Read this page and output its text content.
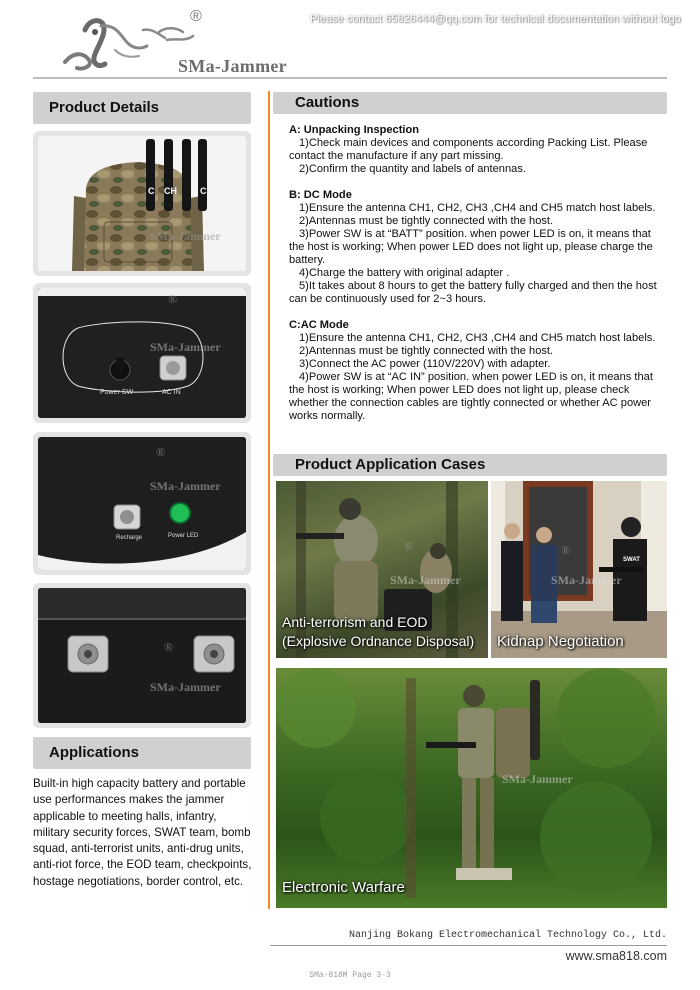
®
SMa-Jammer
Please contact 65826444@qq.com for technical documentation without logo
Product Details
C CH	C
SMa-Jammer
®
SMa-Jammer
Power SW	AC IN
®
SMa-Jammer
Recharge	Power LED
®
SMa-Jammer
Applications

Built-in high capacity battery and portable use performances makes the jammer applicable to meeting halls, infantry, military security forces, SWAT team, bomb squad, anti-terrorist units, anti-drug units, anti-riot force, the EOD team, checkpoints, hostage negotiations, border control, etc.

Cautions

A: Unpacking Inspection

1)Check main devices and components according Packing List. Please contact the manufacture if any part missing.

2)Confirm the quantity and labels of antennas.

B: DC Mode

1)Ensure the antenna CH1, CH2, CH3 ,CH4 and CH5 match host labels.

2)Antennas must be tightly connected with the host.

3)Power SW is at “BATT” position. when power LED is on, it means that the host is working; When power LED does not light up, please charge the battery.

4)Charge the battery with original adapter .

5)It takes about 8 hours to get the battery fully charged and then the host can be continuously used for 2~3 hours.

C:AC Mode

1)Ensure the antenna CH1, CH2, CH3 ,CH4 and CH5 match host labels.

2)Antennas must be tightly connected with the host.

3)Connect the AC power (110V/220V) with adapter.

4)Power SW is at “AC IN” position. when power LED is on, it means that the host is working; When power LED does not light up, please check whether the connection cables are tightly connected or whether AC power works normally.

Product Application Cases
®
SMa-Jammer
Anti-terrorism and EOD
(Explosive Ordnance Disposal)
SWAT
®
SMa-Jammer
Kidnap Negotiation
SMa-Jammer
Electronic Warfare
Nanjing Bokang Electromechanical Technology Co., Ltd.
www.sma818.com
SMa-818M Page 3-3
